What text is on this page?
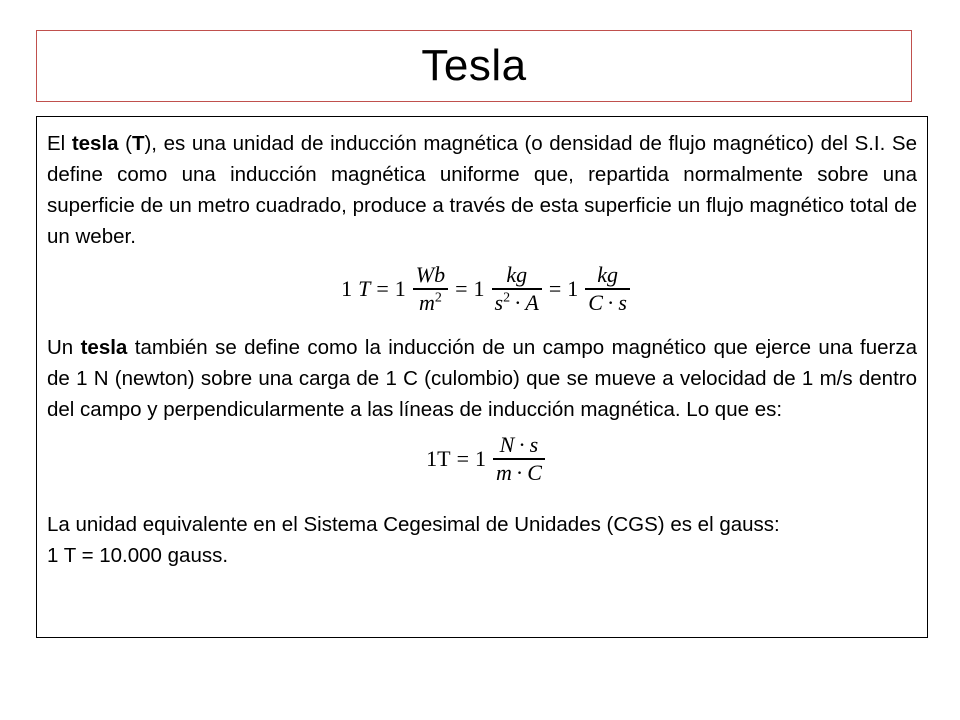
Tesla

El tesla (T), es una unidad de inducción magnética (o densidad de flujo magnético) del S.I. Se define como una inducción magnética uniforme que, repartida normalmente sobre una superficie de un metro cuadrado, produce a través de esta superficie un flujo magnético total de un weber.

1 $T = 1 \frac{Wb}{m^2} = 1 \frac{kg}{s^2 \cdot A} = 1 \frac{kg}{C \cdot s}$

Un tesla también se define como la inducción de un campo magnético que ejerce una fuerza de 1 N (newton) sobre una carga de 1 C (culombio) que se mueve a velocidad de 1 m/s dentro del campo y perpendicularmente a las líneas de inducción magnética. Lo que es:

$1T = 1 \frac{N \cdot s}{m \cdot C}$

La unidad equivalente en el Sistema Cegesimal de Unidades (CGS) es el gauss:

1 T = 10.000 gauss.
